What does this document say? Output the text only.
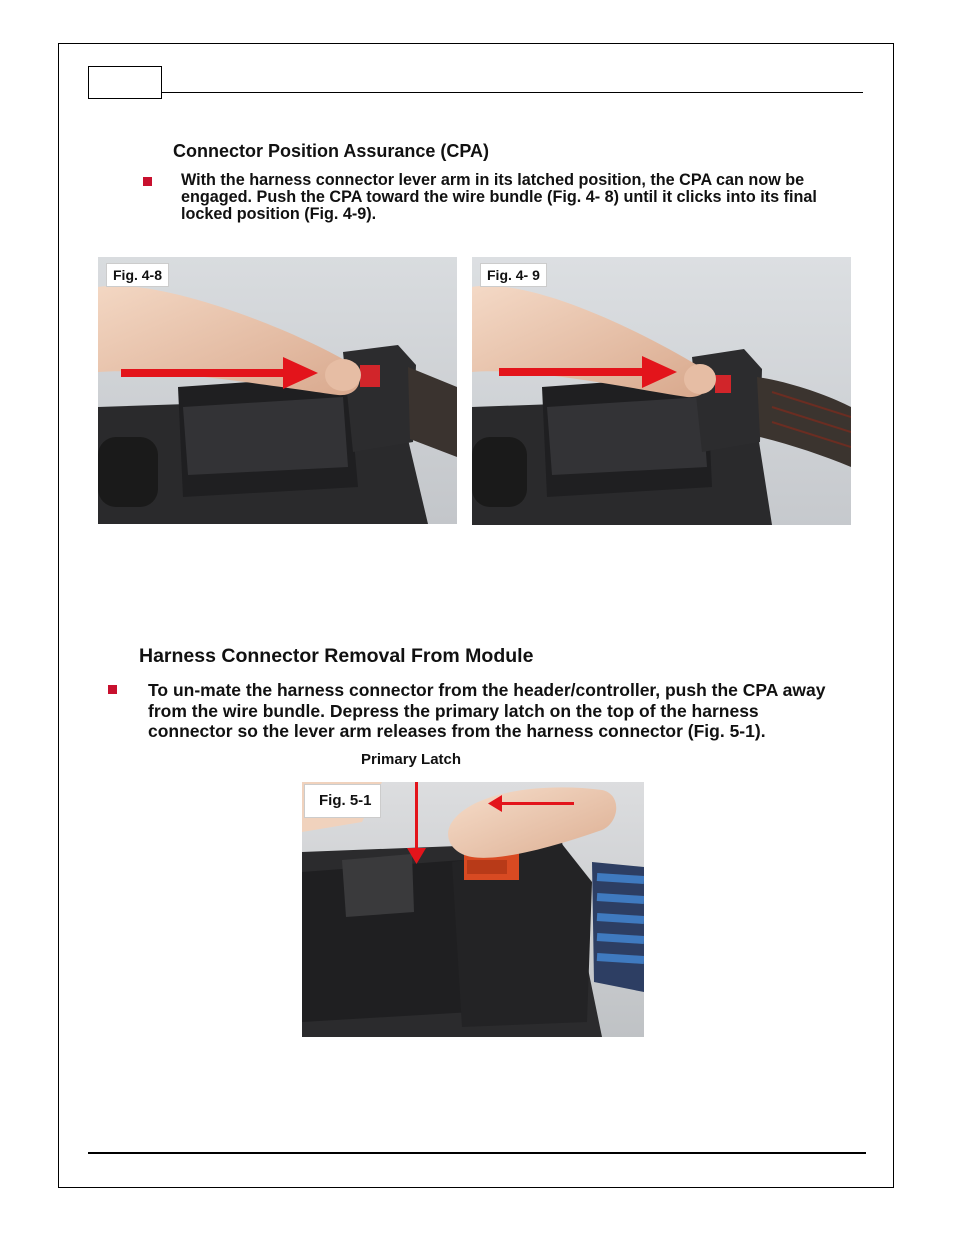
Connector Position Assurance (CPA)

With the harness connector lever arm in its latched position, the CPA can now be engaged. Push the CPA toward the wire bundle (Fig. 4- 8) until it clicks into its final locked position (Fig. 4-9).

Fig. 4-8	Fig. 4- 9
Harness Connector Removal From Module

To un-mate the harness connector from the header/controller, push the CPA away from the wire bundle. Depress the primary latch on the top of the harness connector so the lever arm releases from the harness connector (Fig. 5-1).

Primary Latch
Fig. 5-1
